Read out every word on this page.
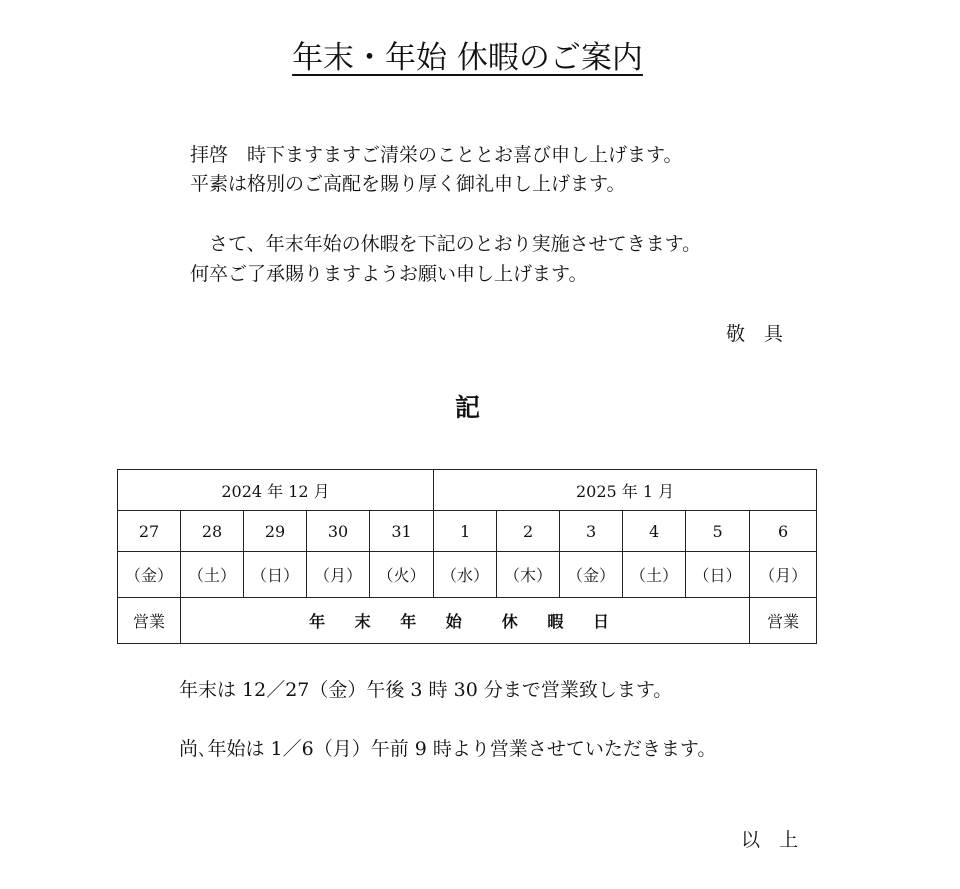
年末・年始 休暇のご案内

拝啓　時下ますますご清栄のこととお喜び申し上げます。

平素は格別のご高配を賜り厚く御礼申し上げます。

　さて、年末年始の休暇を下記のとおり実施させてきます。

何卒ご了承賜りますようお願い申し上げます。

敬　具

記
2024 年 12 月					2025 年 1 月					
27	28	29	30	31	1	2	3	4	5	6
（金）	（土）	（日）	（月）	（火）	（水）	（木）	（金）	（土）	（日）	（月）
営業	年 末 年 始　休 暇 日									営業

年末は 12／27（金）午後 3 時 30 分まで営業致します。

尚､年始は 1／6（月）午前 9 時より営業させていただきます。

以　上
